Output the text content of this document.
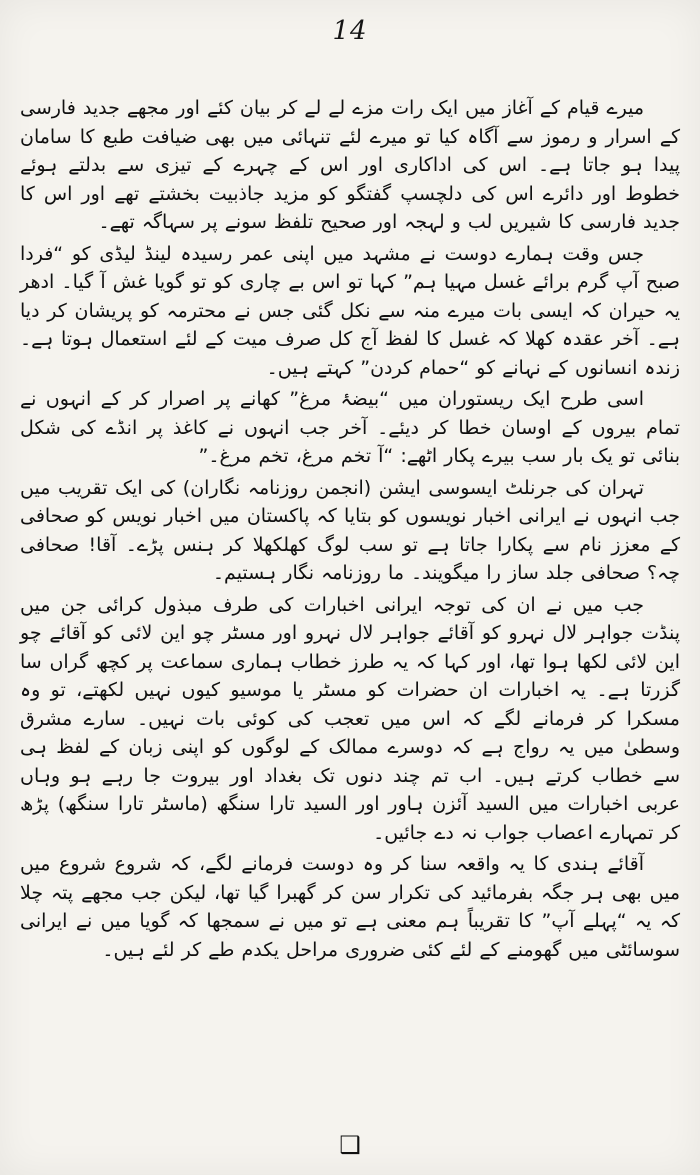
14

میرے قیام کے آغاز میں ایک رات مزے لے لے کر بیان کئے اور مجھے جدید فارسی کے اسرار و رموز سے آگاہ کیا تو میرے لئے تنہائی میں بھی ضیافت طبع کا سامان پیدا ہو جاتا ہے۔ اس کی اداکاری اور اس کے چہرے کے تیزی سے بدلتے ہوئے خطوط اور دائرے اس کی دلچسپ گفتگو کو مزید جاذبیت بخشتے تھے اور اس کا جدید فارسی کا شیریں لب و لہجہ اور صحیح تلفظ سونے پر سہاگہ تھے۔

جس وقت ہمارے دوست نے مشہد میں اپنی عمر رسیدہ لینڈ لیڈی کو “فردا صبح آپ گرم برائے غسل مہیا ہم” کہا تو اس بے چاری کو تو گویا غش آ گیا۔ ادھر یہ حیران کہ ایسی بات میرے منہ سے نکل گئی جس نے محترمہ کو پریشان کر دیا ہے۔ آخر عقدہ کھلا کہ غسل کا لفظ آج کل صرف میت کے لئے استعمال ہوتا ہے۔ زندہ انسانوں کے نہانے کو “حمام کردن” کہتے ہیں۔

اسی طرح ایک ریستوران میں “بیضۂ مرغ” کھانے پر اصرار کر کے انہوں نے تمام بیروں کے اوسان خطا کر دیئے۔ آخر جب انہوں نے کاغذ پر انڈے کی شکل بنائی تو یک بار سب بیرے پکار اٹھے: “آ تخم مرغ، تخم مرغ۔”

تہران کی جرنلٹ ایسوسی ایشن (انجمن روزنامہ نگاران) کی ایک تقریب میں جب انہوں نے ایرانی اخبار نویسوں کو بتایا کہ پاکستان میں اخبار نویس کو صحافی کے معزز نام سے پکارا جاتا ہے تو سب لوگ کھلکھلا کر ہنس پڑے۔ آقا! صحافی چہ؟ صحافی جلد ساز را میگویند۔ ما روزنامہ نگار ہستیم۔

جب میں نے ان کی توجہ ایرانی اخبارات کی طرف مبذول کرائی جن میں پنڈت جواہر لال نہرو کو آقائے جواہر لال نہرو اور مسٹر چو این لائی کو آقائے چو این لائی لکھا ہوا تھا، اور کہا کہ یہ طرز خطاب ہماری سماعت پر کچھ گراں سا گزرتا ہے۔ یہ اخبارات ان حضرات کو مسٹر یا موسیو کیوں نہیں لکھتے، تو وہ مسکرا کر فرمانے لگے کہ اس میں تعجب کی کوئی بات نہیں۔ سارے مشرق وسطیٰ میں یہ رواج ہے کہ دوسرے ممالک کے لوگوں کو اپنی زبان کے لفظ ہی سے خطاب کرتے ہیں۔ اب تم چند دنوں تک بغداد اور بیروت جا رہے ہو وہاں عربی اخبارات میں السید آئزن ہاور اور السید تارا سنگھ (ماسٹر تارا سنگھ) پڑھ کر تمہارے اعصاب جواب نہ دے جائیں۔

آقائے ہندی کا یہ واقعہ سنا کر وہ دوست فرمانے لگے، کہ شروع شروع میں میں بھی ہر جگہ بفرمائید کی تکرار سن کر گھبرا گیا تھا، لیکن جب مجھے پتہ چلا کہ یہ “پہلے آپ” کا تقریباً ہم معنی ہے تو میں نے سمجھا کہ گویا میں نے ایرانی سوسائٹی میں گھومنے کے لئے کئی ضروری مراحل یکدم طے کر لئے ہیں۔

❑
